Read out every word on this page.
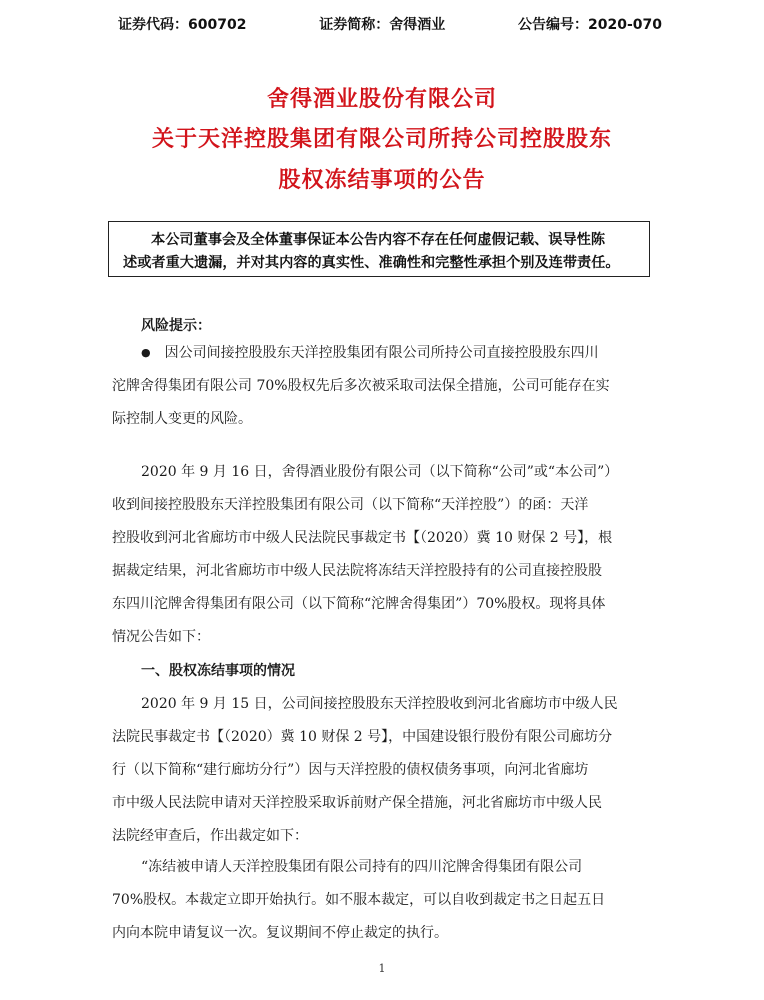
证券代码：600702	证券简称：舍得酒业	公告编号：2020-070
舍得酒业股份有限公司
关于天洋控股集团有限公司所持公司控股股东
股权冻结事项的公告

本公司董事会及全体董事保证本公告内容不存在任何虚假记载、误导性陈

述或者重大遗漏，并对其内容的真实性、准确性和完整性承担个别及连带责任。

风险提示：
● 因公司间接控股股东天洋控股集团有限公司所持公司直接控股股东四川
沱牌舍得集团有限公司 70%股权先后多次被采取司法保全措施，公司可能存在实
际控制人变更的风险。
2020 年 9 月 16 日，舍得酒业股份有限公司（以下简称“公司”或“本公司”）
收到间接控股股东天洋控股集团有限公司（以下简称“天洋控股”）的函：天洋
控股收到河北省廊坊市中级人民法院民事裁定书【（2020）冀 10 财保 2 号】，根
据裁定结果，河北省廊坊市中级人民法院将冻结天洋控股持有的公司直接控股股
东四川沱牌舍得集团有限公司（以下简称“沱牌舍得集团”）70%股权。现将具体
情况公告如下：
一、股权冻结事项的情况
2020 年 9 月 15 日，公司间接控股股东天洋控股收到河北省廊坊市中级人民
法院民事裁定书【（2020）冀 10 财保 2 号】，中国建设银行股份有限公司廊坊分
行（以下简称“建行廊坊分行”）因与天洋控股的债权债务事项，向河北省廊坊
市中级人民法院申请对天洋控股采取诉前财产保全措施，河北省廊坊市中级人民
法院经审查后，作出裁定如下：
“冻结被申请人天洋控股集团有限公司持有的四川沱牌舍得集团有限公司
70%股权。本裁定立即开始执行。如不服本裁定，可以自收到裁定书之日起五日
内向本院申请复议一次。复议期间不停止裁定的执行。
1
